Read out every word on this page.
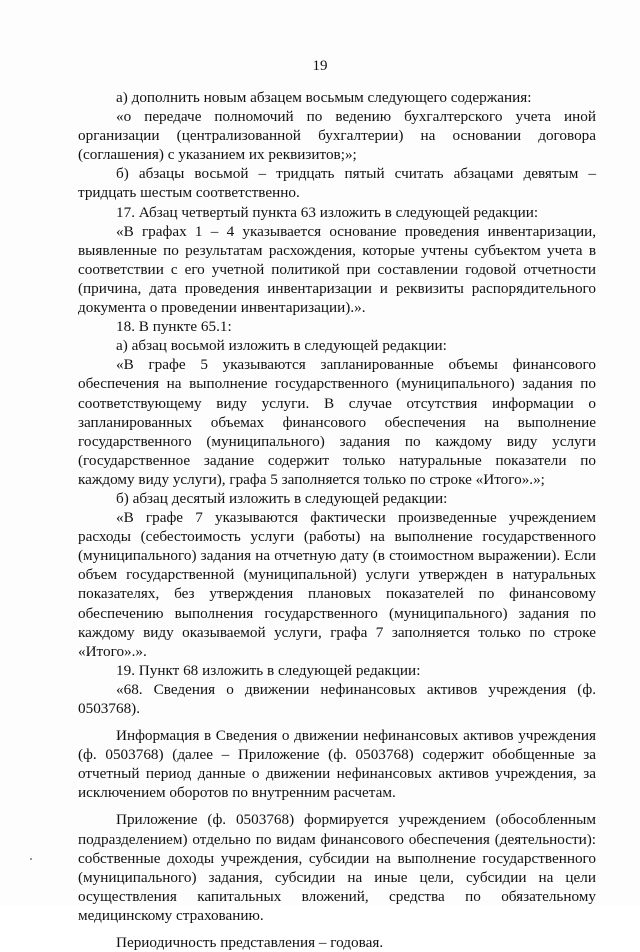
19

а) дополнить новым абзацем восьмым следующего содержания:

«о передаче полномочий по ведению бухгалтерского учета иной организации (централизованной бухгалтерии) на основании договора (соглашения) с указанием их реквизитов;»;

б) абзацы восьмой – тридцать пятый считать абзацами девятым – тридцать шестым соответственно.

17. Абзац четвертый пункта 63 изложить в следующей редакции:

«В графах 1 – 4 указывается основание проведения инвентаризации, выявленные по результатам расхождения, которые учтены субъектом учета в соответствии с его учетной политикой при составлении годовой отчетности (причина, дата проведения инвентаризации и реквизиты распорядительного документа о проведении инвентаризации).».

18. В пункте 65.1:

а) абзац восьмой изложить в следующей редакции:

«В графе 5 указываются запланированные объемы финансового обеспечения на выполнение государственного (муниципального) задания по соответствующему виду услуги. В случае отсутствия информации о запланированных объемах финансового обеспечения на выполнение государственного (муниципального) задания по каждому виду услуги (государственное задание содержит только натуральные показатели по каждому виду услуги), графа 5 заполняется только по строке «Итого».»;

б) абзац десятый изложить в следующей редакции:

«В графе 7 указываются фактически произведенные учреждением расходы (себестоимость услуги (работы) на выполнение государственного (муниципального) задания на отчетную дату (в стоимостном выражении). Если объем государственной (муниципальной) услуги утвержден в натуральных показателях, без утверждения плановых показателей по финансовому обеспечению выполнения государственного (муниципального) задания по каждому виду оказываемой услуги, графа 7 заполняется только по строке «Итого».».

19. Пункт 68 изложить в следующей редакции:

«68. Сведения о движении нефинансовых активов учреждения (ф. 0503768).

Информация в Сведения о движении нефинансовых активов учреждения (ф. 0503768) (далее – Приложение (ф. 0503768) содержит обобщенные за отчетный период данные о движении нефинансовых активов учреждения, за исключением оборотов по внутренним расчетам.

Приложение (ф. 0503768) формируется учреждением (обособленным подразделением) отдельно по видам финансового обеспечения (деятельности): собственные доходы учреждения, субсидии на выполнение государственного (муниципального) задания, субсидии на иные цели, субсидии на цели осуществления капитальных вложений, средства по обязательному медицинскому страхованию.

Периодичность представления – годовая.
